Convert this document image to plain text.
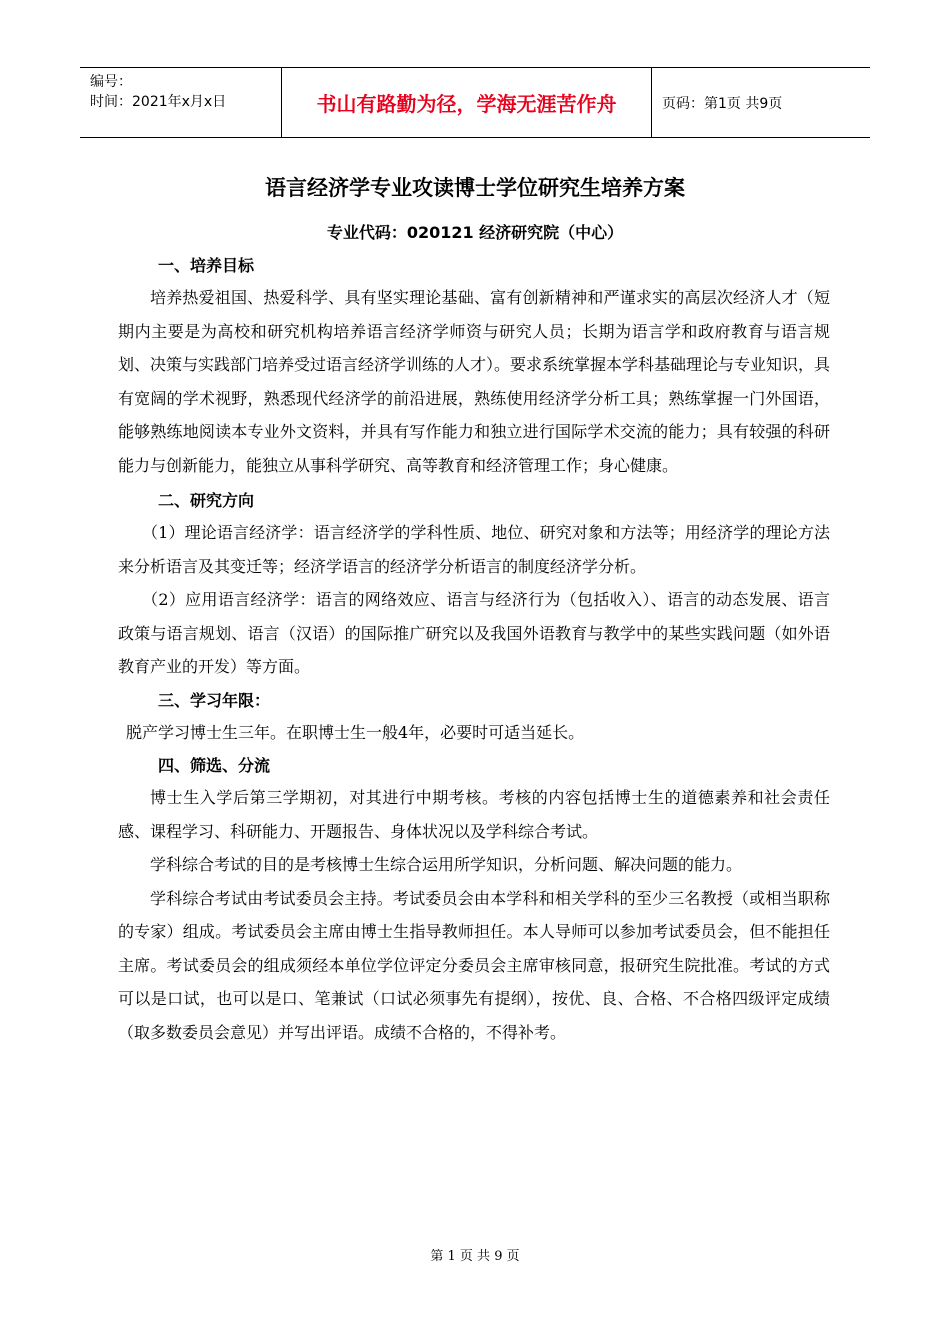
编号：
时间：2021年x月x日	书山有路勤为径，学海无涯苦作舟	页码：第1页 共9页
语言经济学专业攻读博士学位研究生培养方案
专业代码：020121 经济研究院（中心）
一、培养目标

培养热爱祖国、热爱科学、具有坚实理论基础、富有创新精神和严谨求实的高层次经济人才（短期内主要是为高校和研究机构培养语言经济学师资与研究人员；长期为语言学和政府教育与语言规划、决策与实践部门培养受过语言经济学训练的人才）。要求系统掌握本学科基础理论与专业知识，具有宽阔的学术视野，熟悉现代经济学的前沿进展，熟练使用经济学分析工具；熟练掌握一门外国语，能够熟练地阅读本专业外文资料，并具有写作能力和独立进行国际学术交流的能力；具有较强的科研能力与创新能力，能独立从事科学研究、高等教育和经济管理工作；身心健康。

二、研究方向

（1）理论语言经济学：语言经济学的学科性质、地位、研究对象和方法等；用经济学的理论方法来分析语言及其变迁等；经济学语言的经济学分析语言的制度经济学分析。

（2）应用语言经济学：语言的网络效应、语言与经济行为（包括收入）、语言的动态发展、语言政策与语言规划、语言（汉语）的国际推广研究以及我国外语教育与教学中的某些实践问题（如外语教育产业的开发）等方面。

三、学习年限：

脱产学习博士生三年。在职博士生一般4年，必要时可适当延长。

四、筛选、分流

博士生入学后第三学期初，对其进行中期考核。考核的内容包括博士生的道德素养和社会责任感、课程学习、科研能力、开题报告、身体状况以及学科综合考试。

学科综合考试的目的是考核博士生综合运用所学知识，分析问题、解决问题的能力。

学科综合考试由考试委员会主持。考试委员会由本学科和相关学科的至少三名教授（或相当职称的专家）组成。考试委员会主席由博士生指导教师担任。本人导师可以参加考试委员会，但不能担任主席。考试委员会的组成须经本单位学位评定分委员会主席审核同意，报研究生院批准。考试的方式可以是口试，也可以是口、笔兼试（口试必须事先有提纲），按优、良、合格、不合格四级评定成绩（取多数委员会意见）并写出评语。成绩不合格的，不得补考。

第 1 页 共 9 页
